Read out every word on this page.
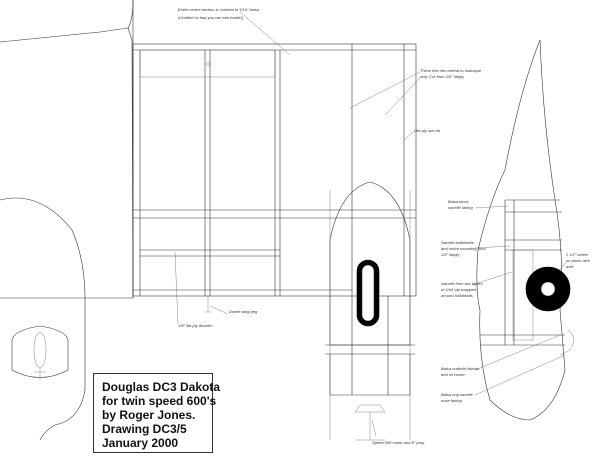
Entire centre section is covered in 1/16" balsa
(Omitted so that you can see inside!)
These five ribs extend to mainspar
only. Cut from 1/8" liteply
Lite-ply sub rib
Dowel wing peg
1/8" lite-ply doubler
Balsa block
nacelle fairing
Nacelle bulkheads
and motor mounting from
1/8" liteply
Nacelle from two layers
of 1/64"ply wrapped
around bulkheads
2 1/2" wheel
on piano wire
axle
Balsa underfin blocks
and oil cooler
Balsa ring nacelle
nose fairing
Speed 600 motor and 8" prop
Douglas DC3 Dakota
for twin speed 600's
by Roger Jones.
Drawing DC3/5
January 2000
